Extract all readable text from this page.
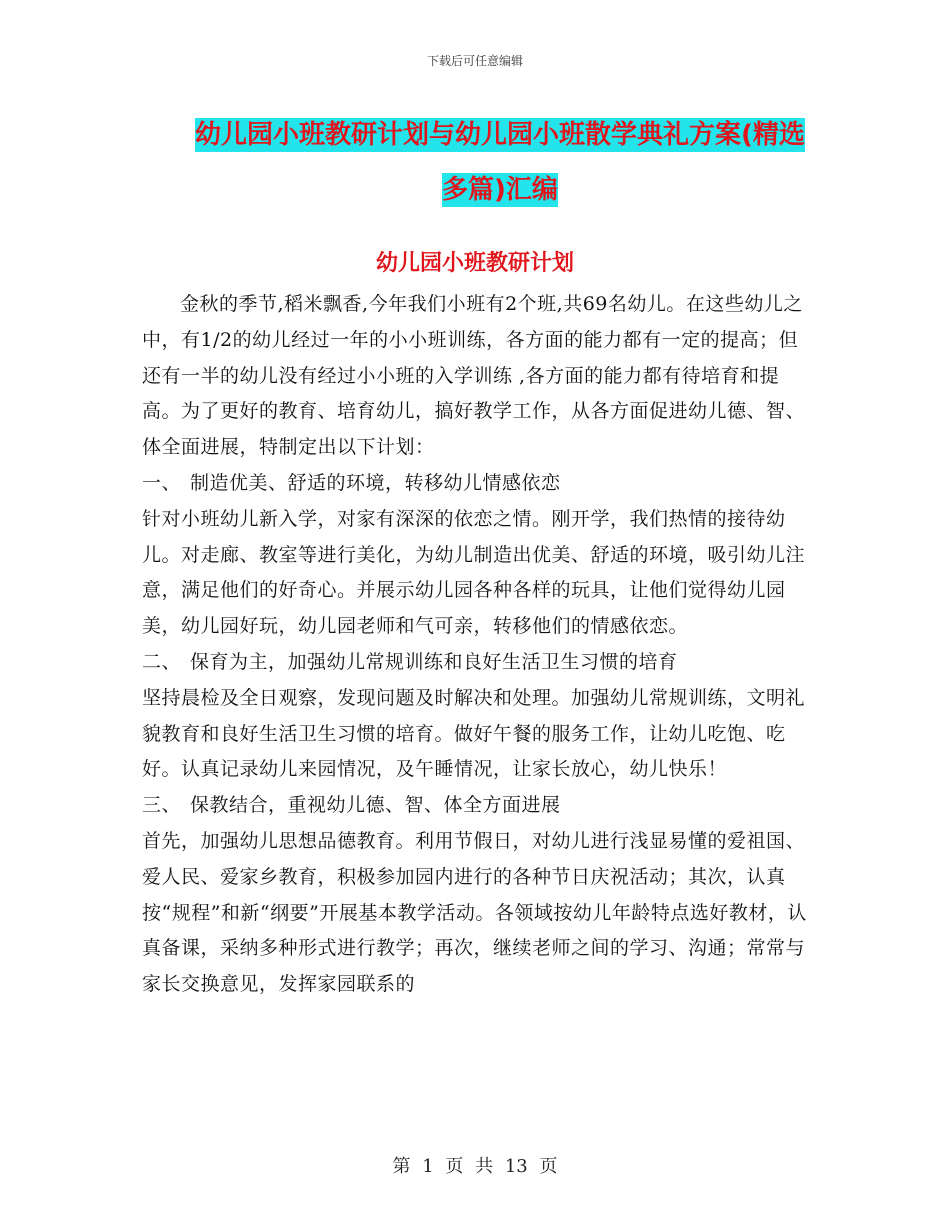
下载后可任意编辑
幼儿园小班教研计划与幼儿园小班散学典礼方案(精选
多篇)汇编
幼儿园小班教研计划

金秋的季节,稻米飘香,今年我们小班有2个班,共69名幼儿。在这些幼儿之中，有1/2的幼儿经过一年的小小班训练，各方面的能力都有一定的提高；但还有一半的幼儿没有经过小小班的入学训练 ,各方面的能力都有待培育和提高。为了更好的教育、培育幼儿，搞好教学工作，从各方面促进幼儿德、智、体全面进展，特制定出以下计划：

一、 制造优美、舒适的环境，转移幼儿情感依恋

针对小班幼儿新入学，对家有深深的依恋之情。刚开学，我们热情的接待幼儿。对走廊、教室等进行美化，为幼儿制造出优美、舒适的环境，吸引幼儿注意，满足他们的好奇心。并展示幼儿园各种各样的玩具，让他们觉得幼儿园美，幼儿园好玩，幼儿园老师和气可亲，转移他们的情感依恋。

二、 保育为主，加强幼儿常规训练和良好生活卫生习惯的培育

坚持晨检及全日观察，发现问题及时解决和处理。加强幼儿常规训练，文明礼貌教育和良好生活卫生习惯的培育。做好午餐的服务工作，让幼儿吃饱、吃好。认真记录幼儿来园情况，及午睡情况，让家长放心，幼儿快乐！

三、 保教结合，重视幼儿德、智、体全方面进展

首先，加强幼儿思想品德教育。利用节假日，对幼儿进行浅显易懂的爱祖国、爱人民、爱家乡教育，积极参加园内进行的各种节日庆祝活动；其次，认真按“规程”和新“纲要”开展基本教学活动。各领域按幼儿年龄特点选好教材，认真备课，采纳多种形式进行教学；再次，继续老师之间的学习、沟通；常常与家长交换意见，发挥家园联系的

第 1 页 共 13 页
